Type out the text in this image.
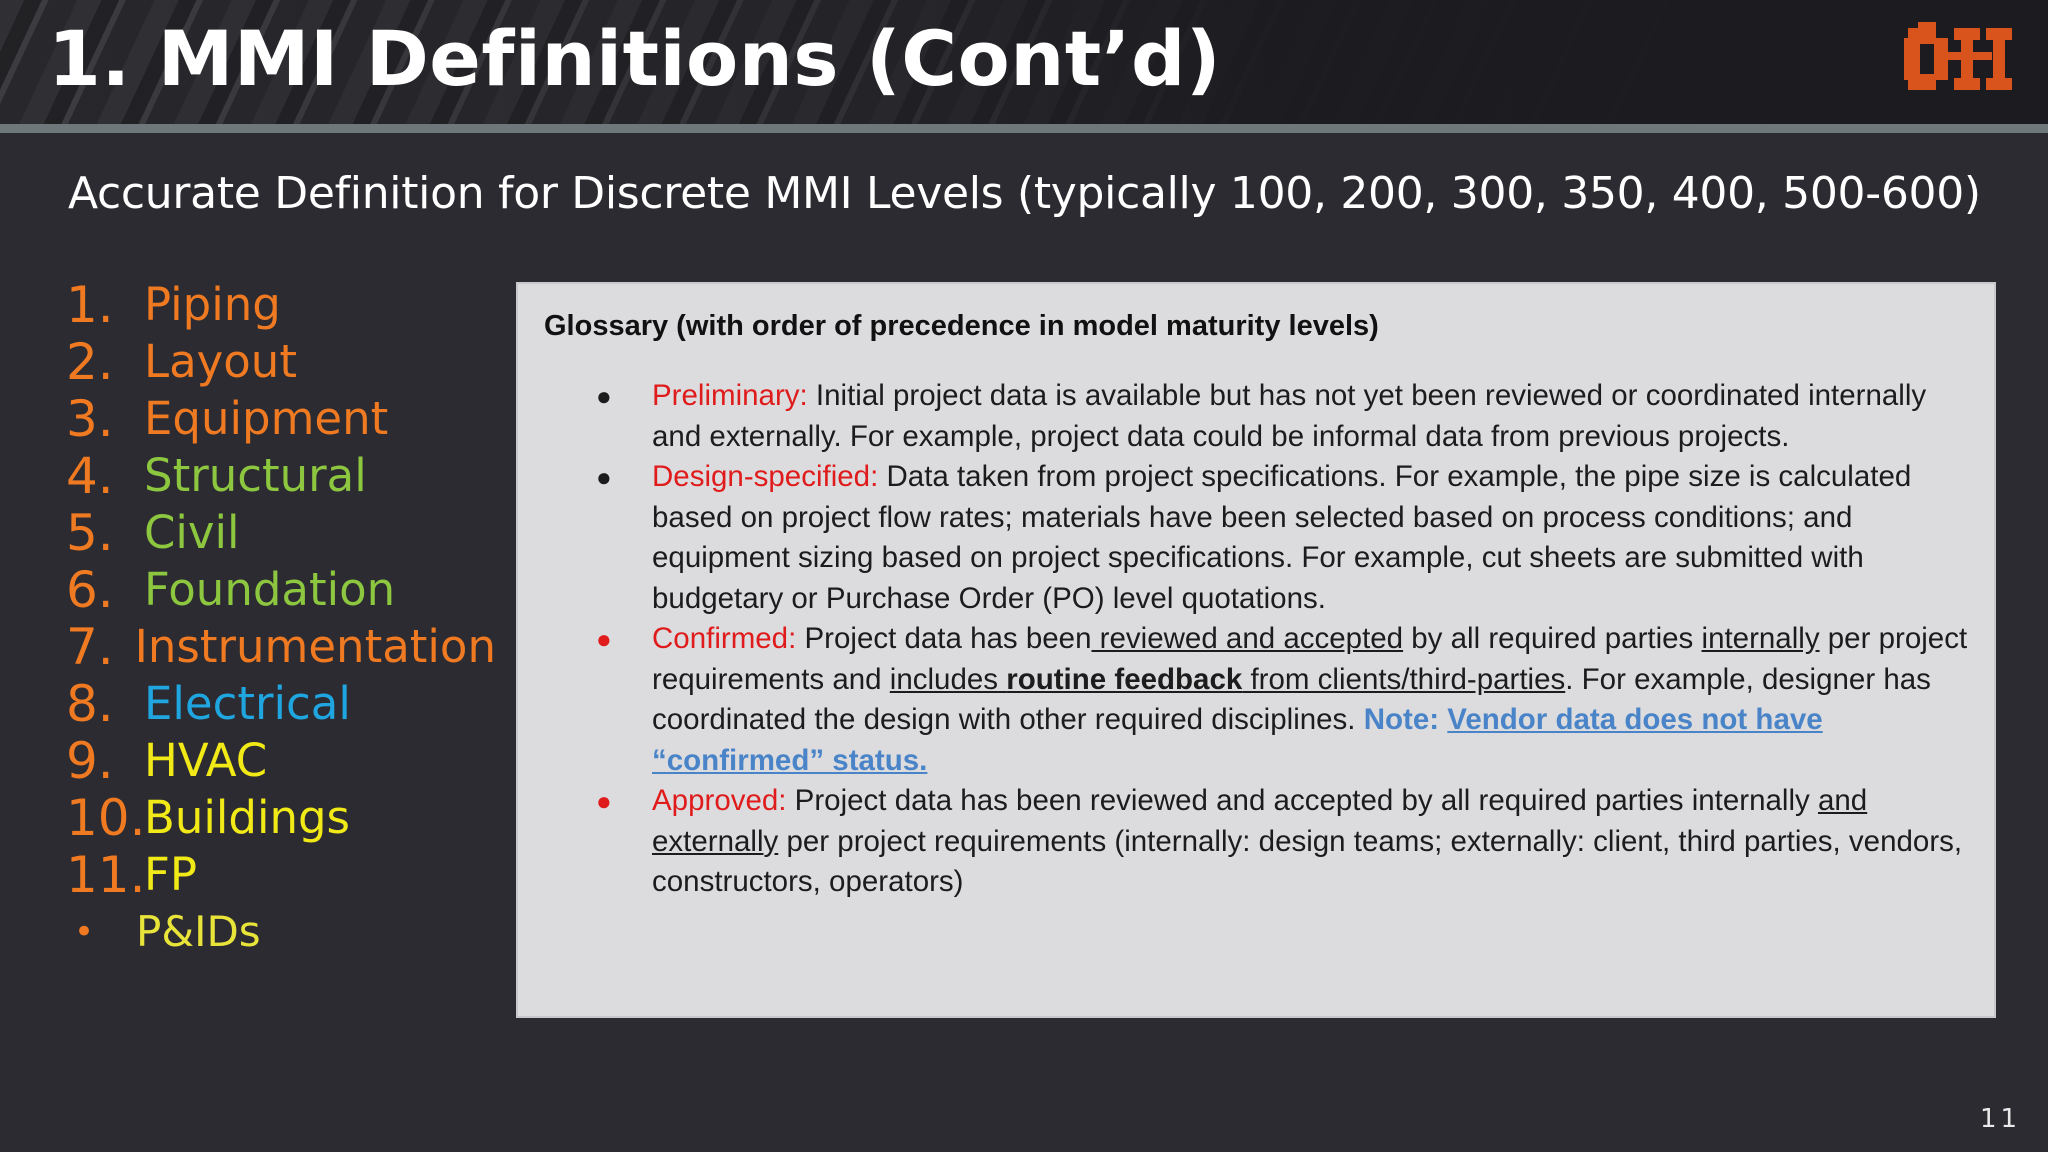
1. MMI Definitions (Cont’d)
Accurate Definition for Discrete MMI Levels (typically 100, 200, 300, 350, 400, 500-600)
1. Piping
2. Layout
3. Equipment
4. Structural
5. Civil
6. Foundation
7. Instrumentation
8. Electrical
9. HVAC
10.
Buildings
11.
FP
• P&IDs
Glossary (with order of precedence in model maturity levels)
● Preliminary: Initial project data is available but has not yet been reviewed or coordinated internally and externally. For example, project data could be informal data from previous projects.
● Design-specified: Data taken from project specifications. For example, the pipe size is calculated based on project flow rates; materials have been selected based on process conditions; and equipment sizing based on project specifications. For example, cut sheets are submitted with budgetary or Purchase Order (PO) level quotations.
● Confirmed: Project data has been reviewed and accepted by all required parties internally per project requirements and includes routine feedback from clients/third-parties. For example, designer has coordinated the design with other required disciplines. Note: Vendor data does not have “confirmed” status.
● Approved: Project data has been reviewed and accepted by all required parties internally and externally per project requirements (internally: design teams; externally: client, third parties, vendors, constructors, operators)
11
